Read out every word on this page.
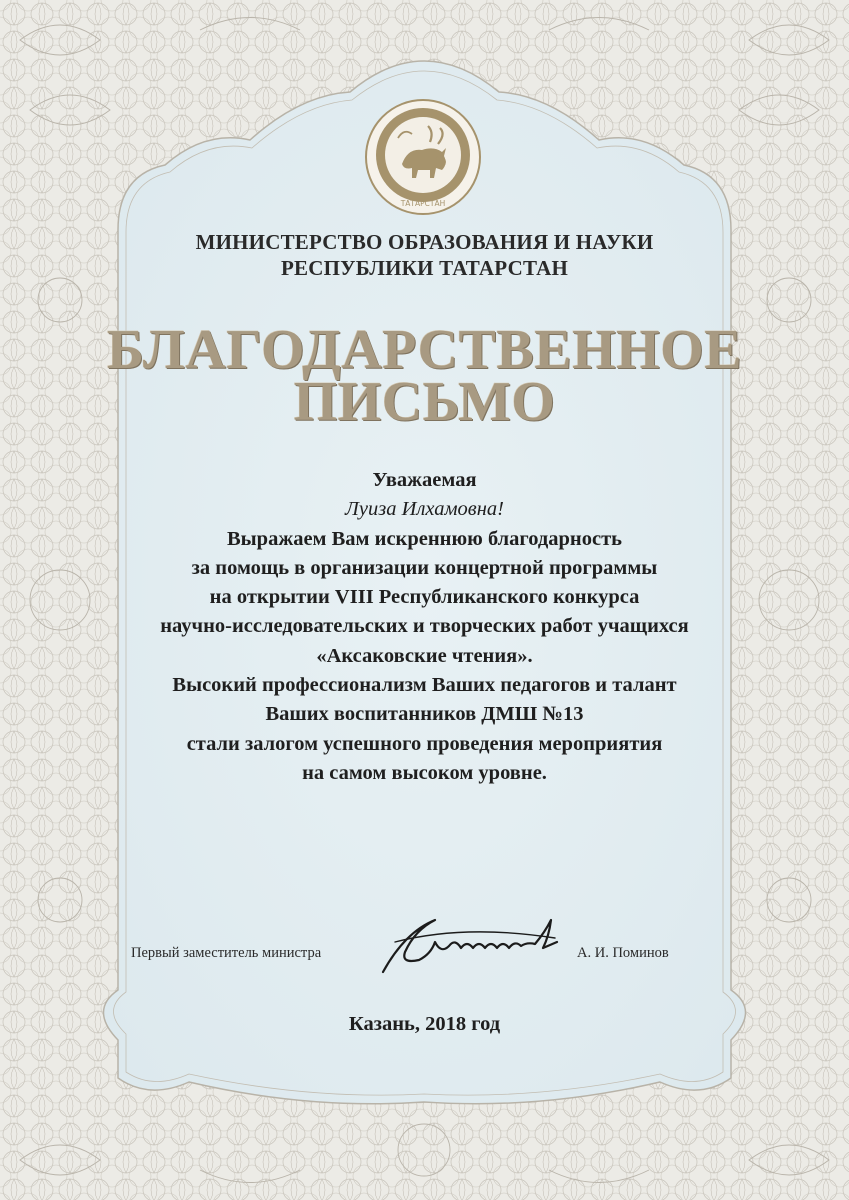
ТАТАРСТАН
МИНИСТЕРСТВО ОБРАЗОВАНИЯ И НАУКИ
РЕСПУБЛИКИ ТАТАРСТАН
БЛАГОДАРСТВЕННОЕ
ПИСЬМО
Уважаемая
Луиза Илхамовна!
Выражаем Вам искреннюю благодарность
за помощь в организации концертной программы
на открытии VIII Республиканского конкурса
научно-исследовательских и творческих работ учащихся
«Аксаковские чтения».
Высокий профессионализм Ваших педагогов и талант
Ваших воспитанников ДМШ №13
стали залогом успешного проведения мероприятия
на самом высоком уровне.
Первый заместитель министра	А. И. Поминов
Казань, 2018 год
